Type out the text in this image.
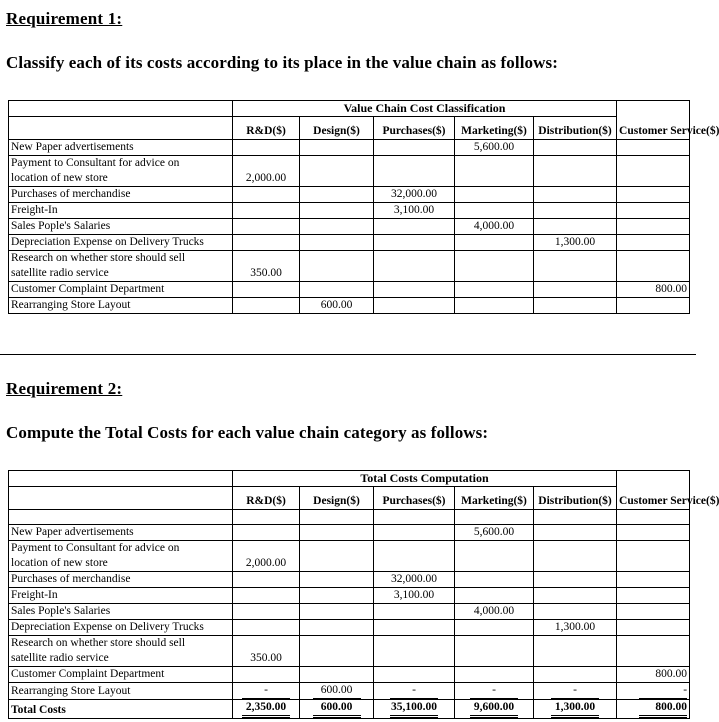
Requirement 1:
Classify each of its costs according to its place in the value chain as follows:
	Value Chain Cost Classification					Customer Service($)
	R&D($)	Design($)	Purchases($)	Marketing($)	Distribution($)	
New Paper advertisements				5,600.00		
Payment to Consultant for advice on						
location of new store	2,000.00					
Purchases of merchandise			32,000.00			
Freight-In			3,100.00			
Sales Pople's Salaries				4,000.00		
Depreciation Expense on Delivery Trucks					1,300.00	
Research on whether store should sell						
satellite radio service	350.00					
Customer Complaint Department						800.00
Rearranging Store Layout		600.00				
Requirement 2:
Compute the Total Costs for each value chain category as follows:
	Total Costs Computation					Customer Service($)
	R&D($)	Design($)	Purchases($)	Marketing($)	Distribution($)	

New Paper advertisements				5,600.00		
Payment to Consultant for advice on						
location of new store	2,000.00					
Purchases of merchandise			32,000.00			
Freight-In			3,100.00			
Sales Pople's Salaries				4,000.00		
Depreciation Expense on Delivery Trucks					1,300.00	
Research on whether store should sell						
satellite radio service	350.00					
Customer Complaint Department						800.00
Rearranging Store Layout	-	600.00	-	-	-	-
Total Costs	2,350.00	600.00	35,100.00	9,600.00	1,300.00	800.00
